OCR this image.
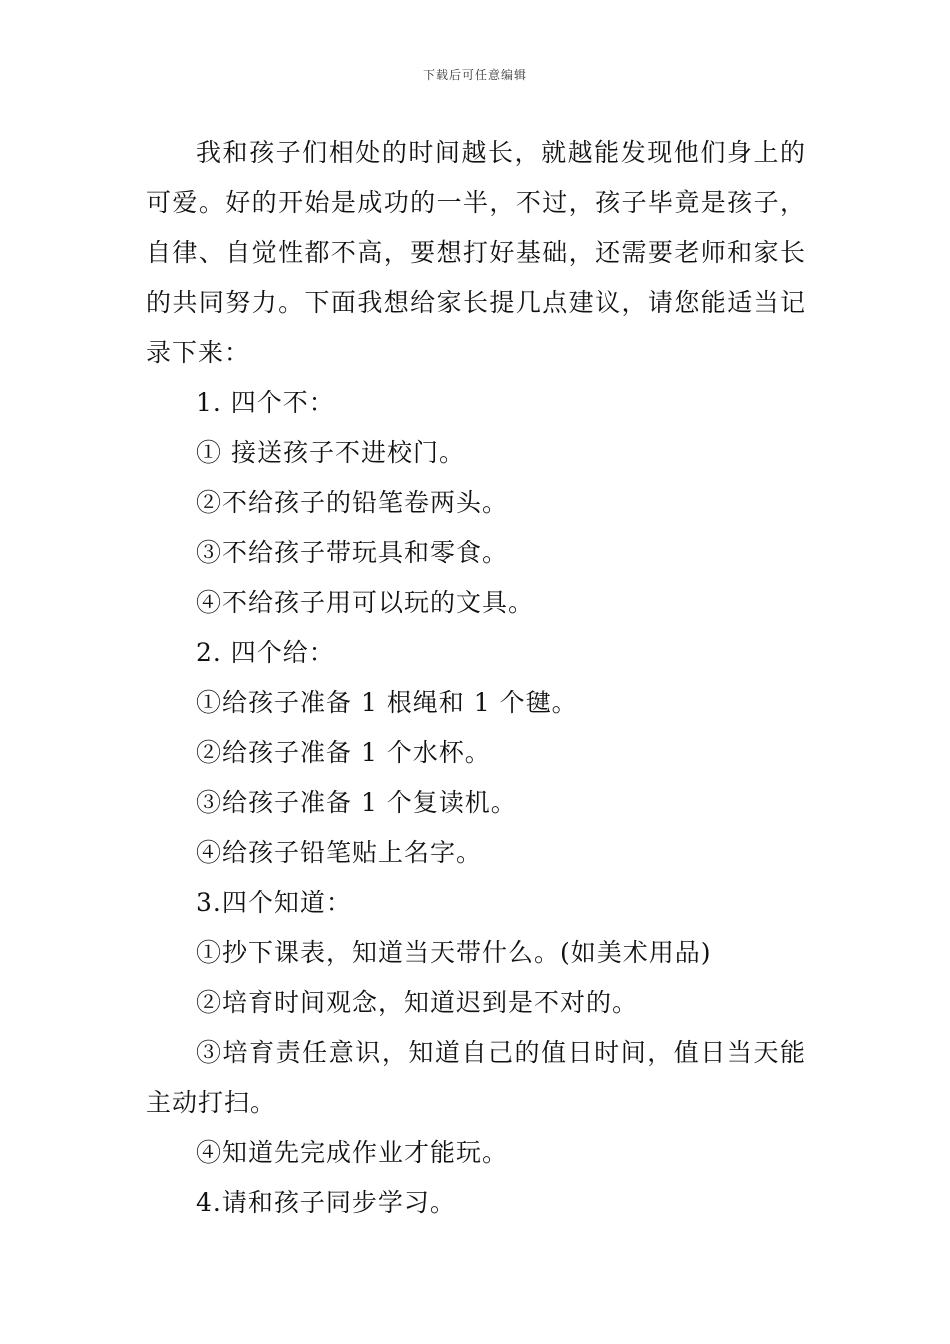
下载后可任意编辑

我和孩子们相处的时间越长，就越能发现他们身上的可爱。好的开始是成功的一半，不过，孩子毕竟是孩子，自律、自觉性都不高，要想打好基础，还需要老师和家长的共同努力。下面我想给家长提几点建议，请您能适当记录下来：

1. 四个不：

① 接送孩子不进校门。

②不给孩子的铅笔卷两头。

③不给孩子带玩具和零食。

④不给孩子用可以玩的文具。

2. 四个给：

①给孩子准备 1 根绳和 1 个毽。

②给孩子准备 1 个水杯。

③给孩子准备 1 个复读机。

④给孩子铅笔贴上名字。

3.四个知道：

①抄下课表，知道当天带什么。(如美术用品)

②培育时间观念，知道迟到是不对的。

③培育责任意识，知道自己的值日时间，值日当天能主动打扫。

④知道先完成作业才能玩。

4.请和孩子同步学习。
